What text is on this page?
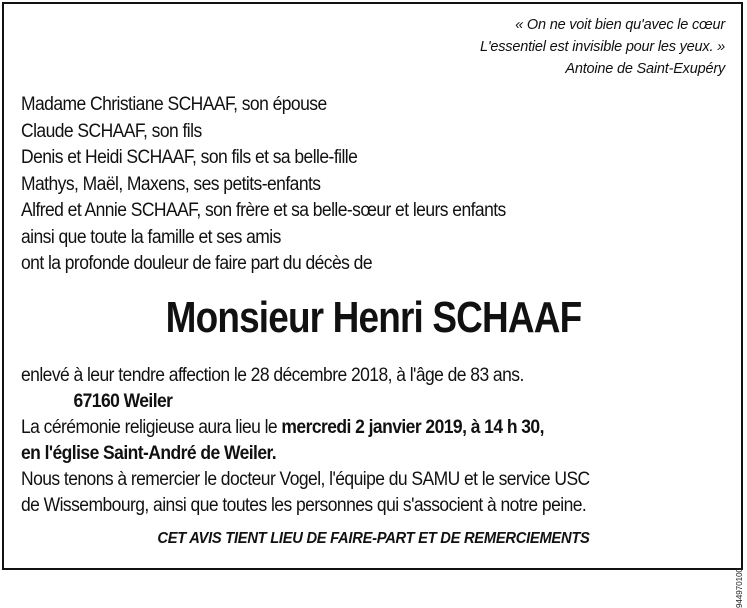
« On ne voit bien qu'avec le cœur
L'essentiel est invisible pour les yeux. »
Antoine de Saint-Exupéry
Madame Christiane SCHAAF, son épouse
Claude SCHAAF, son fils
Denis et Heidi SCHAAF, son fils et sa belle-fille
Mathys, Maël, Maxens, ses petits-enfants
Alfred et Annie SCHAAF, son frère et sa belle-sœur et leurs enfants
ainsi que toute la famille et ses amis
ont la profonde douleur de faire part du décès de
Monsieur Henri SCHAAF
enlevé à leur tendre affection le 28 décembre 2018, à l'âge de 83 ans.
67160 Weiler
La cérémonie religieuse aura lieu le mercredi 2 janvier 2019, à 14 h 30,
en l'église Saint-André de Weiler.
Nous tenons à remercier le docteur Vogel, l'équipe du SAMU et le service USC
de Wissembourg, ainsi que toutes les personnes qui s'associent à notre peine.
CET AVIS TIENT LIEU DE FAIRE-PART ET DE REMERCIEMENTS
944970100
